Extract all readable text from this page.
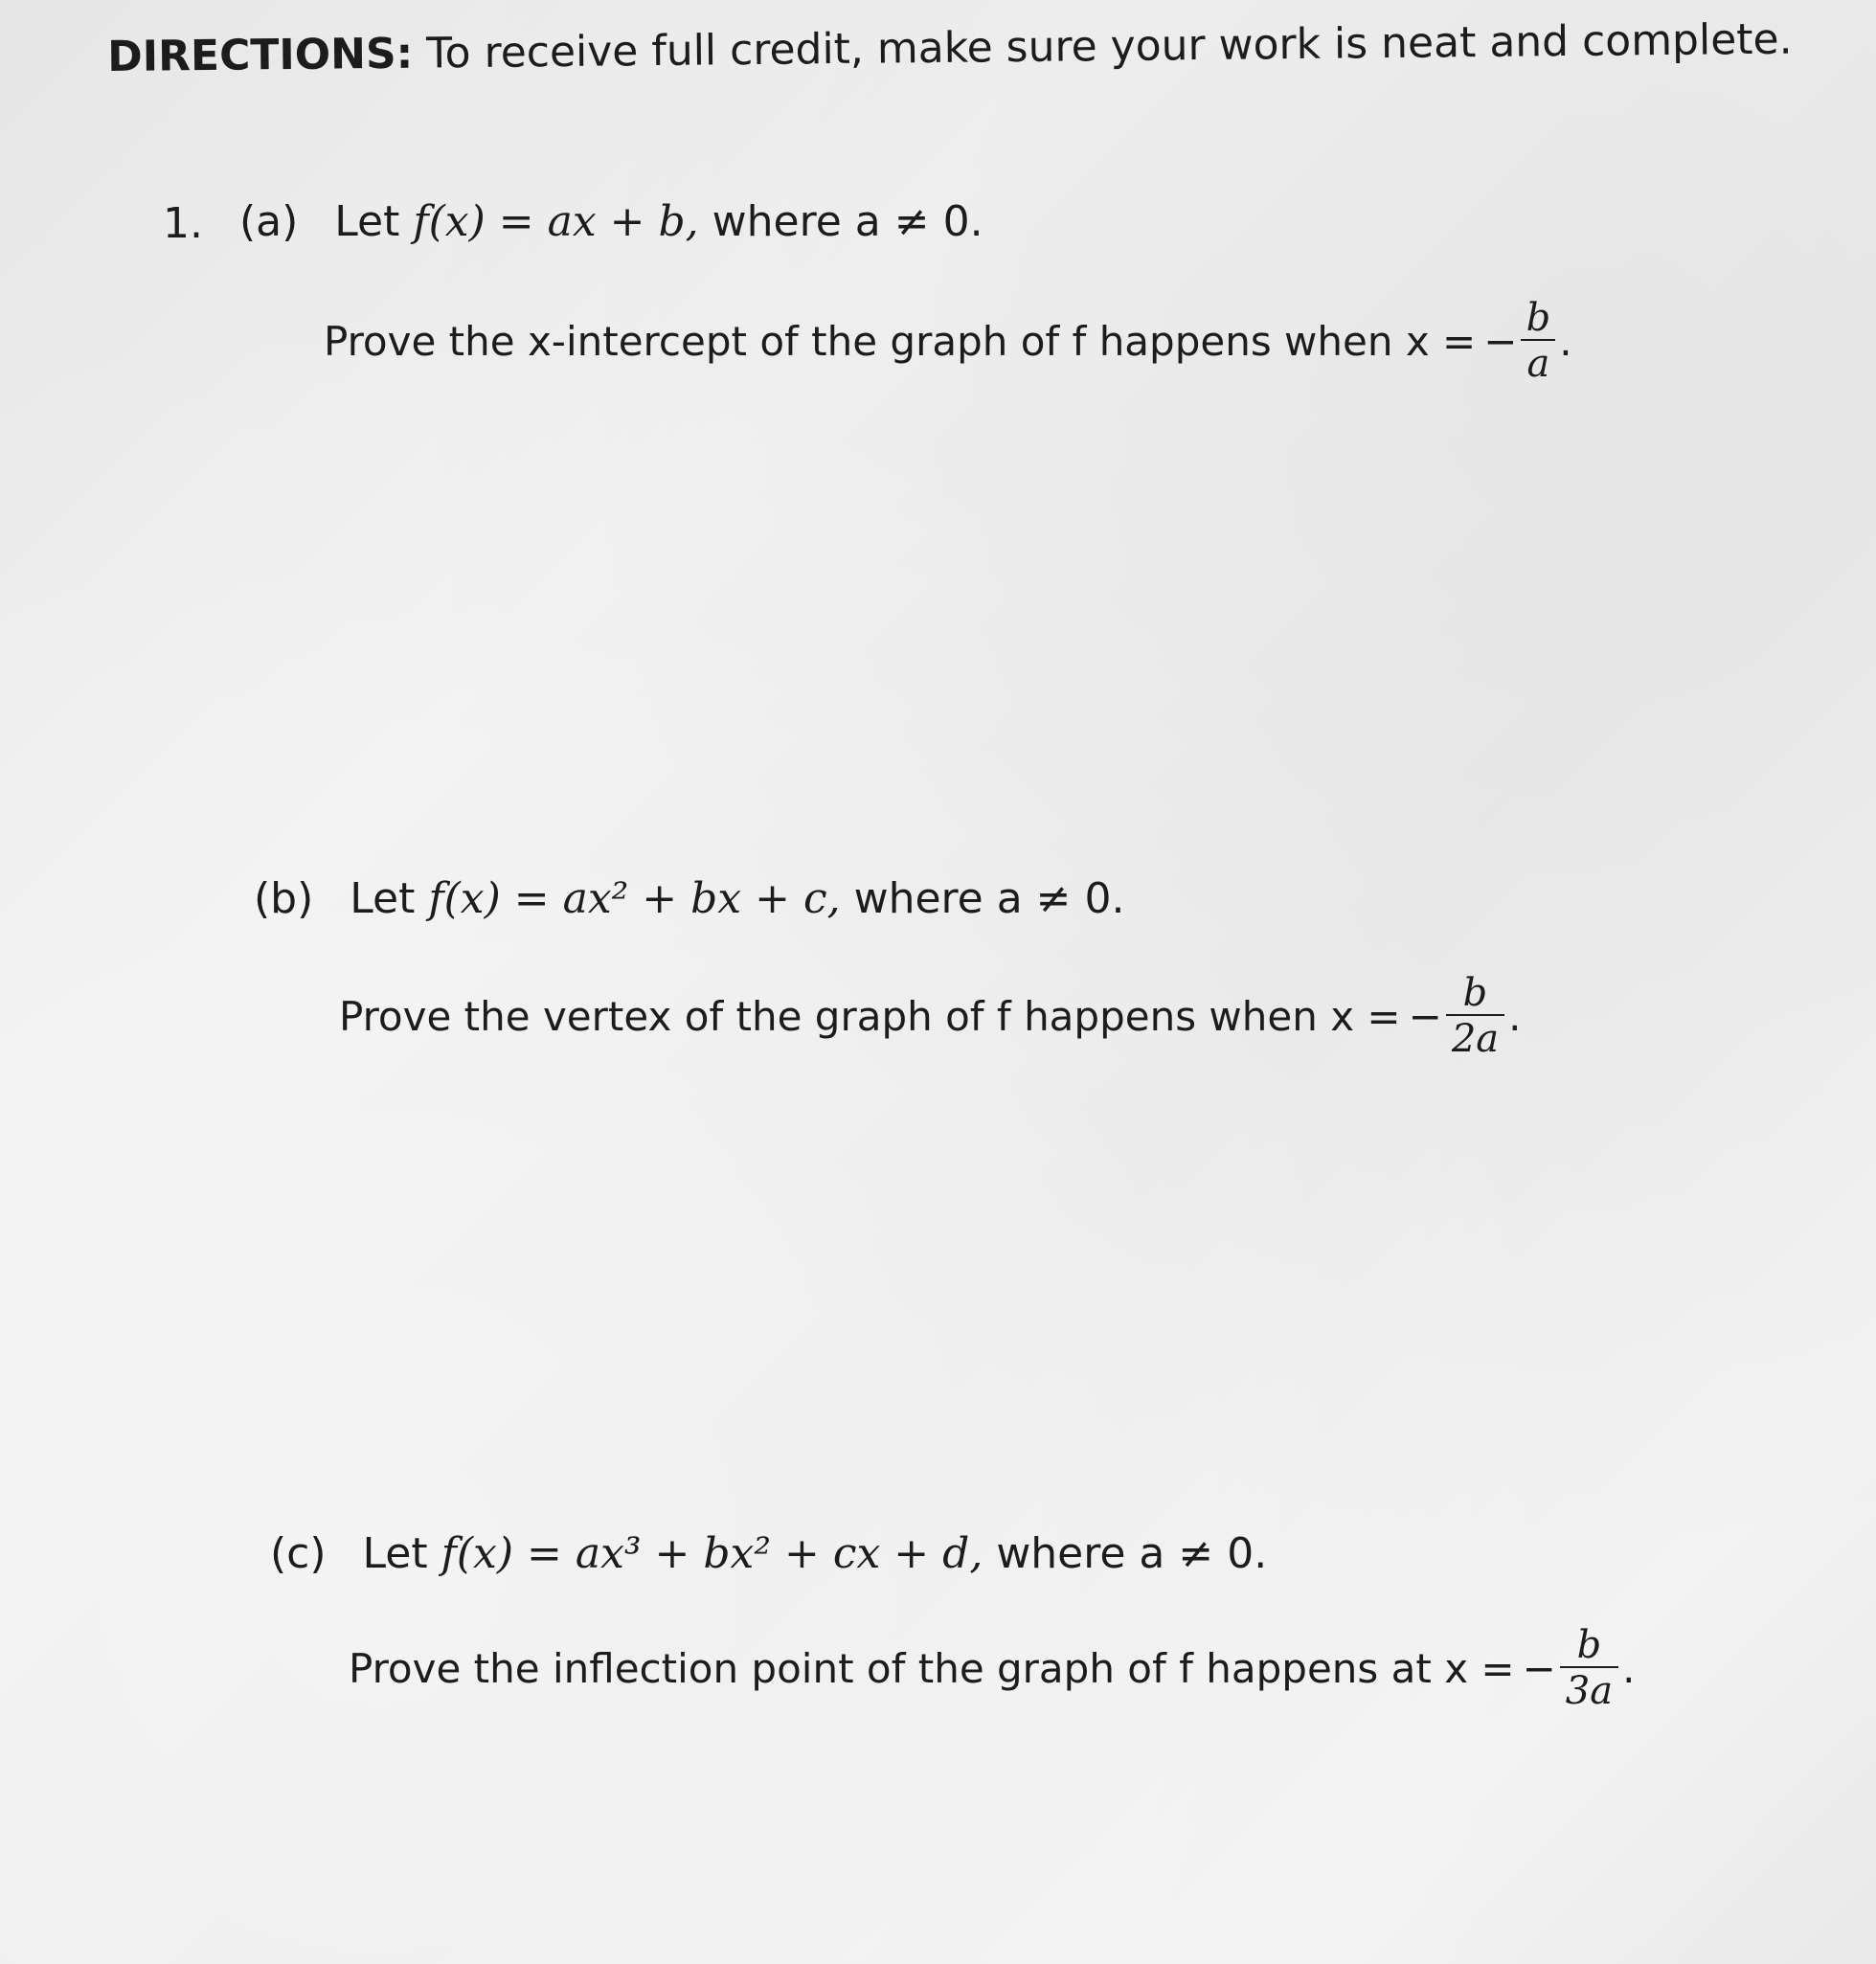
DIRECTIONS: To receive full credit, make sure your work is neat and complete.
1. (a) Let f(x) = ax + b, where a ≠ 0.
Prove the x-intercept of the graph of f happens when x = − $\frac{b}{a}$ .
(b) Let f(x) = ax² + bx + c, where a ≠ 0.
Prove the vertex of the graph of f happens when x = − $\frac{b}{2a}$ .
(c) Let f(x) = ax³ + bx² + cx + d, where a ≠ 0.
Prove the inflection point of the graph of f happens at x = − $\frac{b}{3a}$ .
